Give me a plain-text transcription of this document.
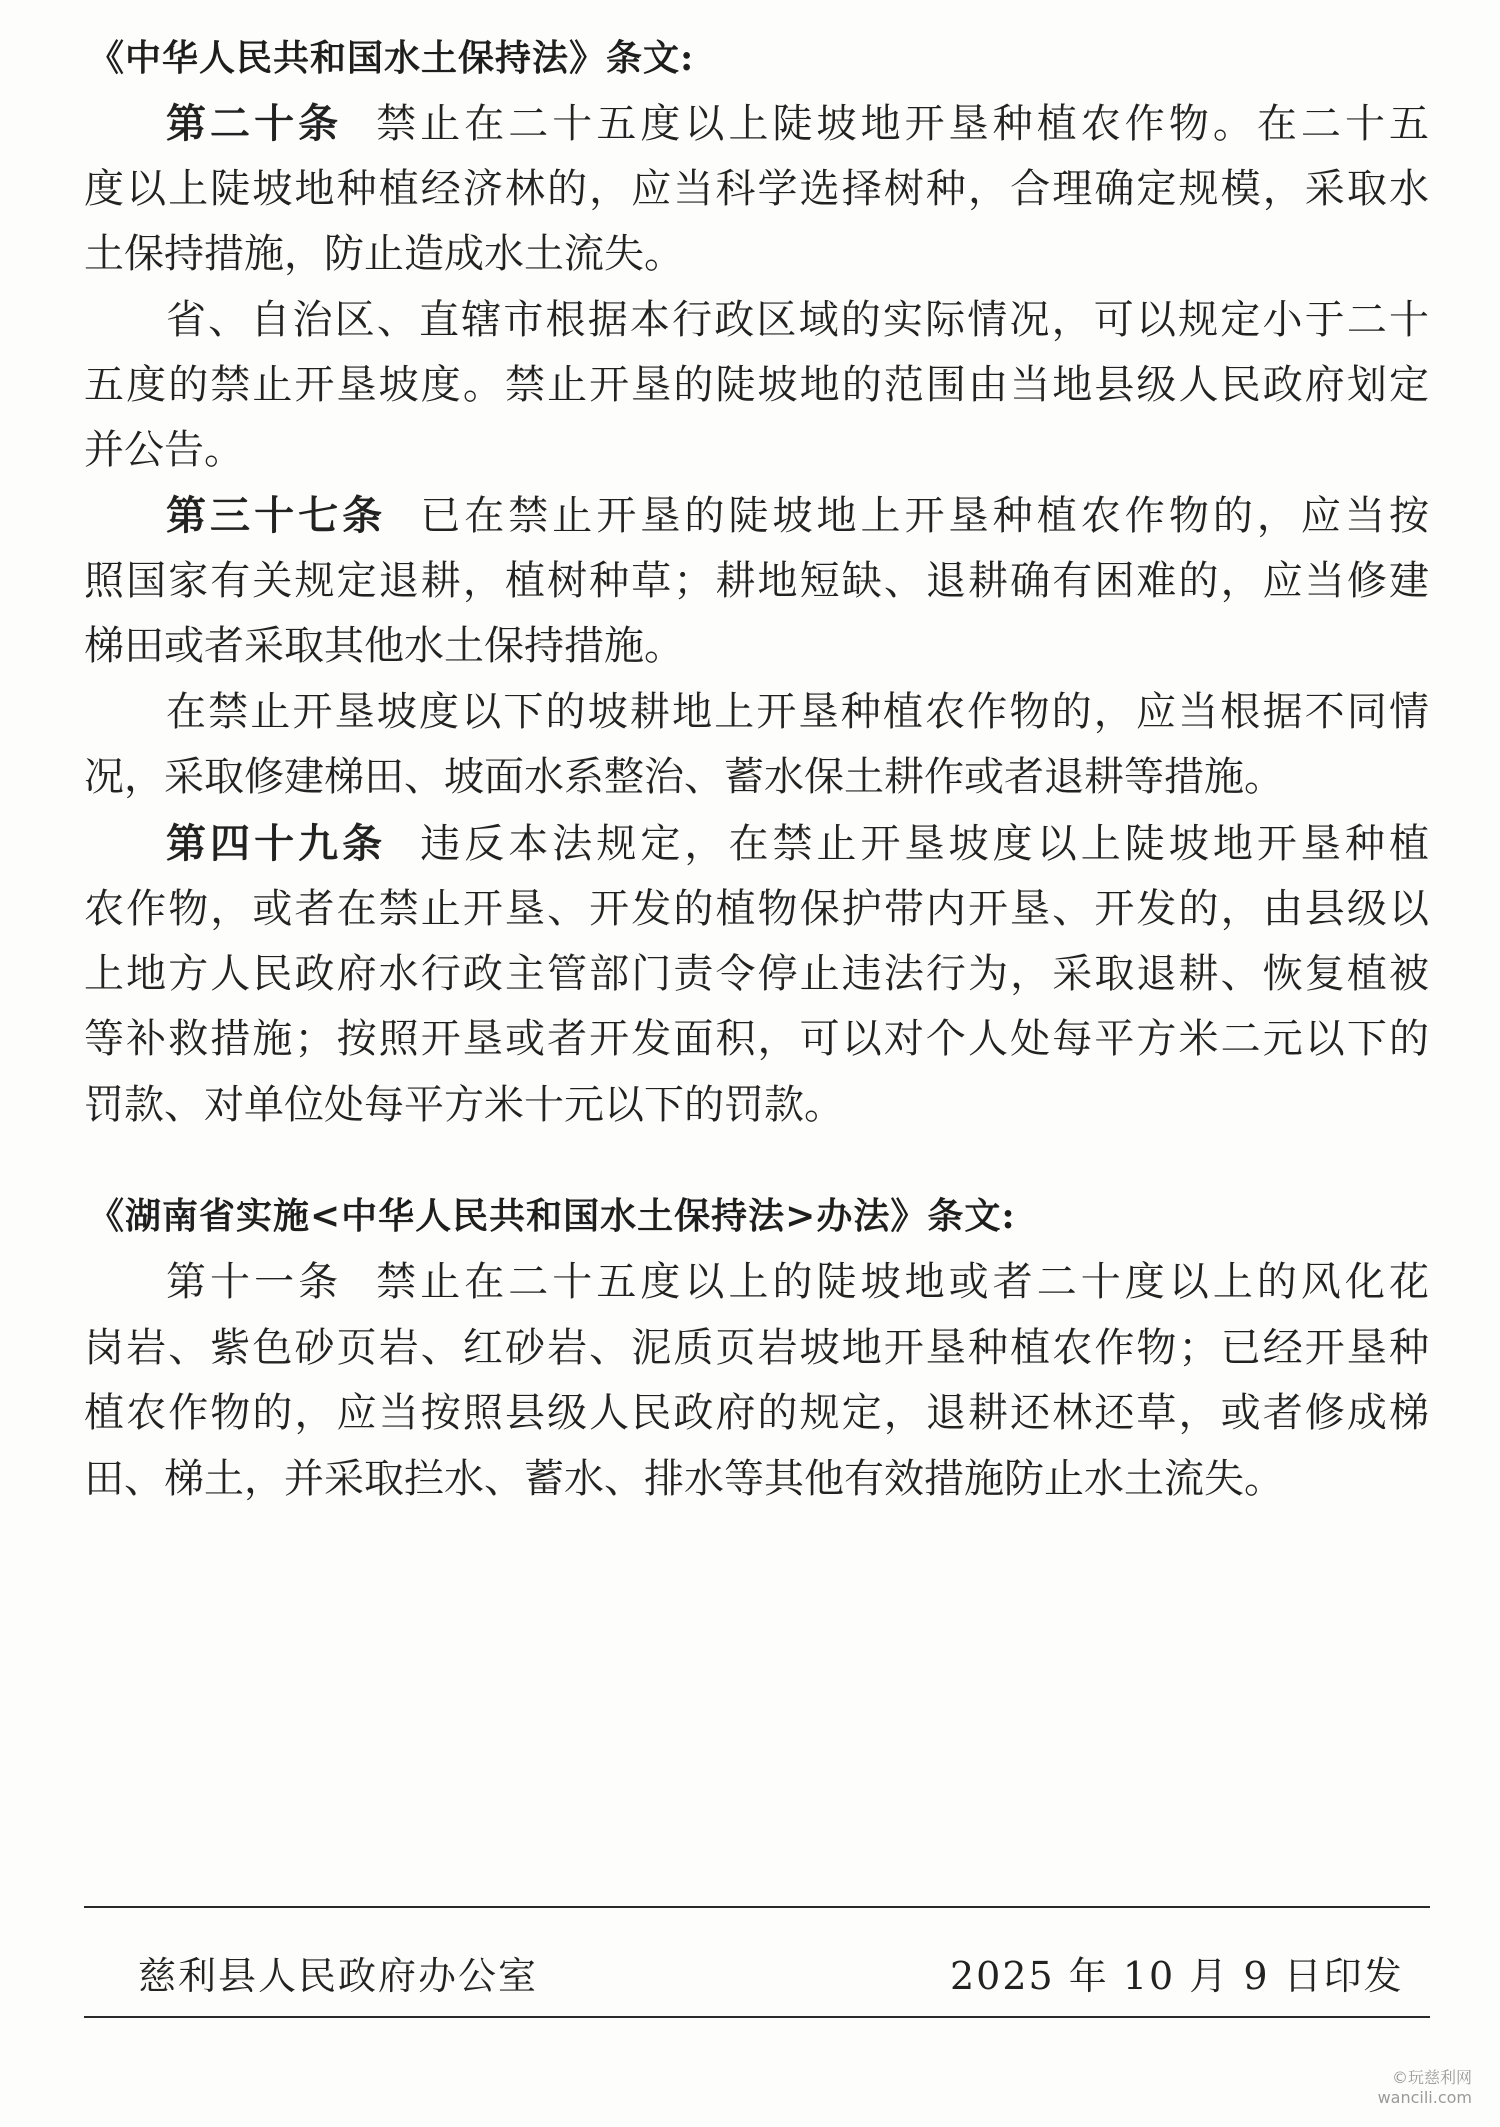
《中华人民共和国水土保持法》条文:
第二十条 禁止在二十五度以上陡坡地开垦种植农作物。在二十五
度以上陡坡地种植经济林的，应当科学选择树种，合理确定规模，采取水
土保持措施，防止造成水土流失。
省、自治区、直辖市根据本行政区域的实际情况，可以规定小于二十
五度的禁止开垦坡度。禁止开垦的陡坡地的范围由当地县级人民政府划定
并公告。
第三十七条 已在禁止开垦的陡坡地上开垦种植农作物的，应当按
照国家有关规定退耕，植树种草；耕地短缺、退耕确有困难的，应当修建
梯田或者采取其他水土保持措施。
在禁止开垦坡度以下的坡耕地上开垦种植农作物的，应当根据不同情
况，采取修建梯田、坡面水系整治、蓄水保土耕作或者退耕等措施。
第四十九条 违反本法规定，在禁止开垦坡度以上陡坡地开垦种植
农作物，或者在禁止开垦、开发的植物保护带内开垦、开发的，由县级以
上地方人民政府水行政主管部门责令停止违法行为，采取退耕、恢复植被
等补救措施；按照开垦或者开发面积，可以对个人处每平方米二元以下的
罚款、对单位处每平方米十元以下的罚款。
《湖南省实施<中华人民共和国水土保持法>办法》条文:
第十一条 禁止在二十五度以上的陡坡地或者二十度以上的风化花
岗岩、紫色砂页岩、红砂岩、泥质页岩坡地开垦种植农作物；已经开垦种
植农作物的，应当按照县级人民政府的规定，退耕还林还草，或者修成梯
田、梯土，并采取拦水、蓄水、排水等其他有效措施防止水土流失。
慈利县人民政府办公室	2025 年 10 月 9 日印发
©玩慈利网
wancili.com
